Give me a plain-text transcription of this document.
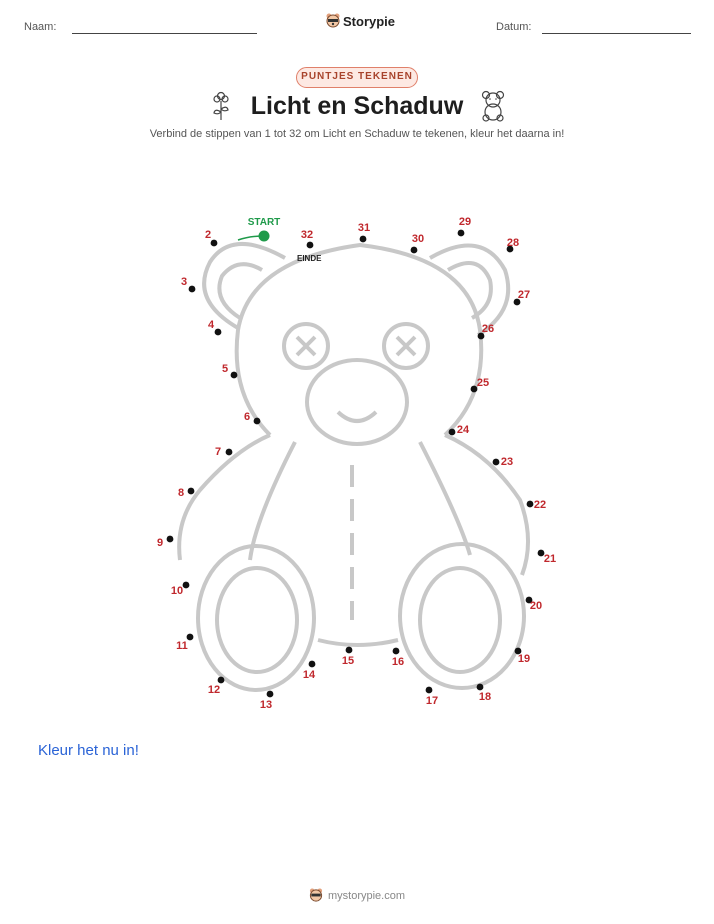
Naam:	Storypie	Datum:
PUNTJES TEKENEN
Licht en Schaduw
Verbind de stippen van 1 tot 32 om Licht en Schaduw te tekenen, kleur het daarna in!
START
EINDE
2
3
4
5
6
7
8
9
10
11
12
13
14
15	16
17	18
19
20
21
22
23
24
25
26
27
28
29
30
31
32
Kleur het nu in!
mystorypie.com
